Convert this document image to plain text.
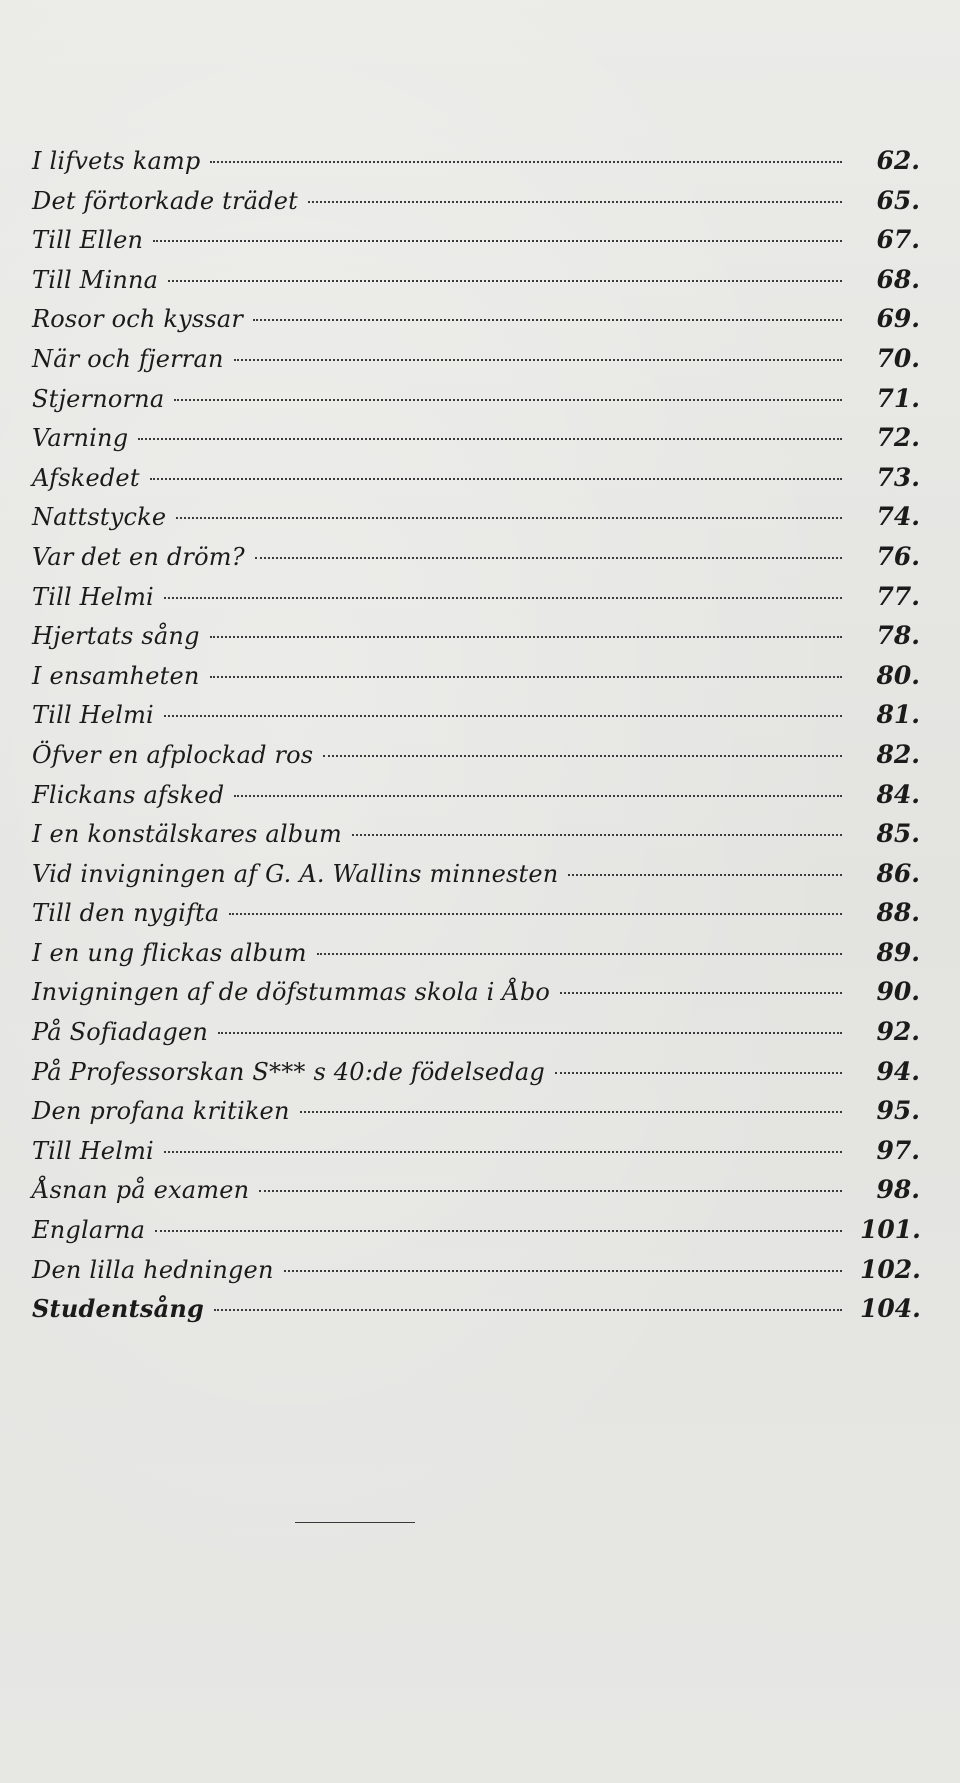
I lifvets kamp	62.
Det förtorkade trädet	65.
Till Ellen	67.
Till Minna	68.
Rosor och kyssar	69.
När och fjerran	70.
Stjernorna	71.
Varning	72.
Afskedet	73.
Nattstycke	74.
Var det en dröm?	76.
Till Helmi	77.
Hjertats sång	78.
I ensamheten	80.
Till Helmi	81.
Öfver en afplockad ros	82.
Flickans afsked	84.
I en konstälskares album	85.
Vid invigningen af G. A. Wallins minnesten	86.
Till den nygifta	88.
I en ung flickas album	89.
Invigningen af de döfstummas skola i Åbo	90.
På Sofiadagen	92.
På Professorskan S*** s 40:de födelsedag	94.
Den profana kritiken	95.
Till Helmi	97.
Åsnan på examen	98.
Englarna	101.
Den lilla hedningen	102.
Studentsång	104.
